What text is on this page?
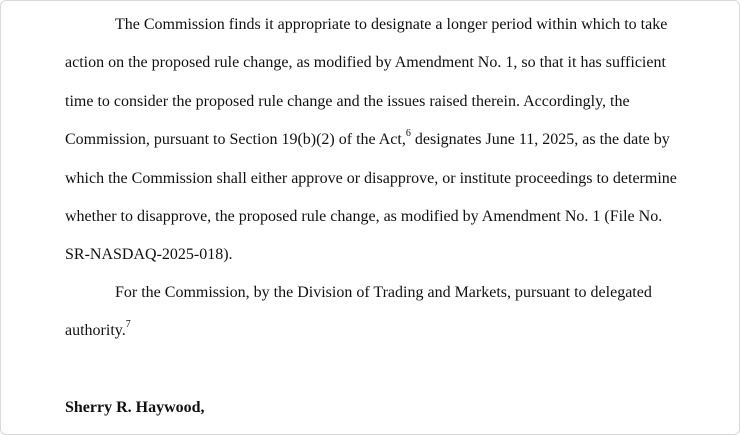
The Commission finds it appropriate to designate a longer period within which to take
action on the proposed rule change, as modified by Amendment No. 1, so that it has sufficient
time to consider the proposed rule change and the issues raised therein. Accordingly, the
Commission, pursuant to Section 19(b)(2) of the Act,$^6$ designates June 11, 2025, as the date by
which the Commission shall either approve or disapprove, or institute proceedings to determine
whether to disapprove, the proposed rule change, as modified by Amendment No. 1 (File No.
SR-NASDAQ-2025-018).
For the Commission, by the Division of Trading and Markets, pursuant to delegated
authority.$^7$
Sherry R. Haywood,
